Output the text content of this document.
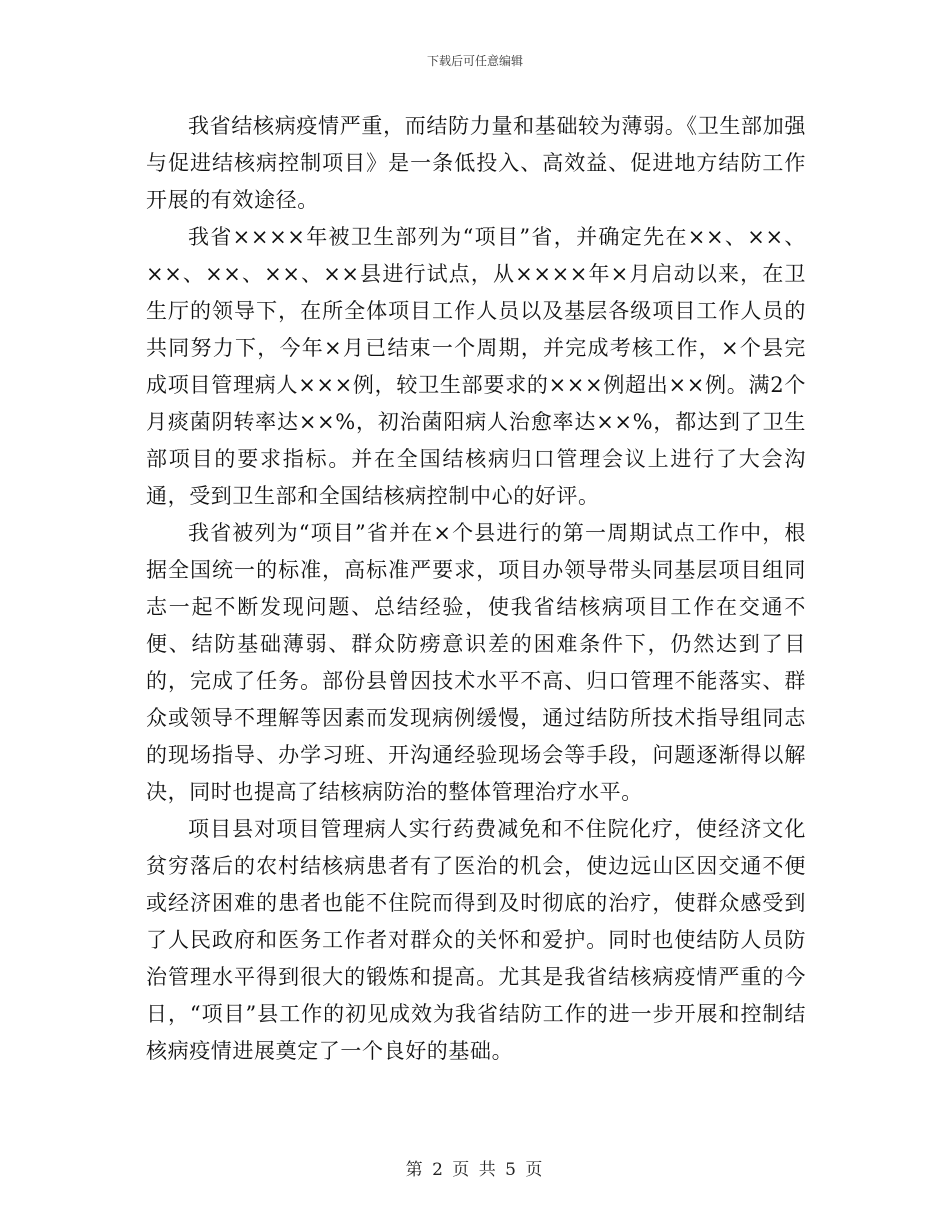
下载后可任意编辑

我省结核病疫情严重，而结防力量和基础较为薄弱。《卫生部加强与促进结核病控制项目》是一条低投入、高效益、促进地方结防工作开展的有效途径。

我省××××年被卫生部列为“项目”省，并确定先在××、××、××、××、××、××县进行试点，从××××年×月启动以来，在卫生厅的领导下，在所全体项目工作人员以及基层各级项目工作人员的共同努力下，今年×月已结束一个周期，并完成考核工作，×个县完成项目管理病人×××例，较卫生部要求的×××例超出××例。满2个月痰菌阴转率达××%，初治菌阳病人治愈率达××%，都达到了卫生部项目的要求指标。并在全国结核病归口管理会议上进行了大会沟通，受到卫生部和全国结核病控制中心的好评。

我省被列为“项目”省并在×个县进行的第一周期试点工作中，根据全国统一的标准，高标准严要求，项目办领导带头同基层项目组同志一起不断发现问题、总结经验，使我省结核病项目工作在交通不便、结防基础薄弱、群众防痨意识差的困难条件下，仍然达到了目的，完成了任务。部份县曾因技术水平不高、归口管理不能落实、群众或领导不理解等因素而发现病例缓慢，通过结防所技术指导组同志的现场指导、办学习班、开沟通经验现场会等手段，问题逐渐得以解决，同时也提高了结核病防治的整体管理治疗水平。

项目县对项目管理病人实行药费减免和不住院化疗，使经济文化贫穷落后的农村结核病患者有了医治的机会，使边远山区因交通不便或经济困难的患者也能不住院而得到及时彻底的治疗，使群众感受到了人民政府和医务工作者对群众的关怀和爱护。同时也使结防人员防治管理水平得到很大的锻炼和提高。尤其是我省结核病疫情严重的今日，“项目”县工作的初见成效为我省结防工作的进一步开展和控制结核病疫情进展奠定了一个良好的基础。

第 2 页 共 5 页
